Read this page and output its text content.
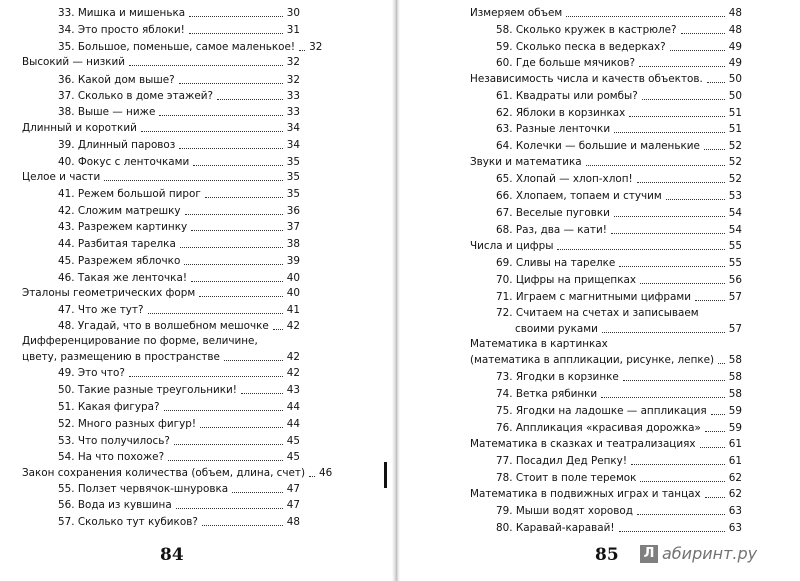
33. Мишка и мишенька	30
34. Это просто яблоки!	31
35. Большое, поменьше, самое маленькое! 32
Высокий — низкий	32
36. Какой дом выше?	32
37. Сколько в доме этажей?	33
38. Выше — ниже	33
Длинный и короткий	34
39. Длинный паровоз	34
40. Фокус с ленточками	35
Целое и части	35
41. Режем большой пирог	35
42. Сложим матрешку	36
43. Разрежем картинку	37
44. Разбитая тарелка	38
45. Разрежем яблочко	39
46. Такая же ленточка!	40
Эталоны геометрических форм	40
47. Что же тут?	41
48. Угадай, что в волшебном мешочке 42
Дифференцирование по форме, величине,
цвету, размещению в пространстве	42
49. Это что?	42
50. Такие разные треугольники!	43
51. Какая фигура?	44
52. Много разных фигур!	44
53. Что получилось?	45
54. На что похоже?	45
Закон сохранения количества (объем, длина, счет) 46
55. Ползет червячок-шнуровка	47
56. Вода из кувшина	47
57. Сколько тут кубиков?	48
84
Измеряем объем	48
58. Сколько кружек в кастрюле?	48
59. Сколько песка в ведерках?	49
60. Где больше мячиков?	49
Независимость числа и качеств объектов. 50
61. Квадраты или ромбы?	50
62. Яблоки в корзинках	51
63. Разные ленточки	51
64. Колечки — большие и маленькие	52
Звуки и математика	52
65. Хлопай — хлоп-хлоп!	52
66. Хлопаем, топаем и стучим	53
67. Веселые пуговки	54
68. Раз, два — кати!	54
Числа и цифры	55
69. Сливы на тарелке	55
70. Цифры на прищепках	56
71. Играем с магнитными цифрами	57
72. Считаем на счетах и записываем
своими руками	57
Математика в картинках
(математика в аппликации, рисунке, лепке) 58
73. Ягодки в корзинке	58
74. Ветка рябинки	58
75. Ягодки на ладошке — аппликация 59
76. Аппликация «красивая дорожка»	59
Математика в сказках и театрализациях	61
77. Посадил Дед Репку!	61
78. Стоит в поле теремок	62
Математика в подвижных играх и танцах	62
79. Мыши водят хоровод	63
80. Каравай-каравай!	63
85 Л абиринт.ру
